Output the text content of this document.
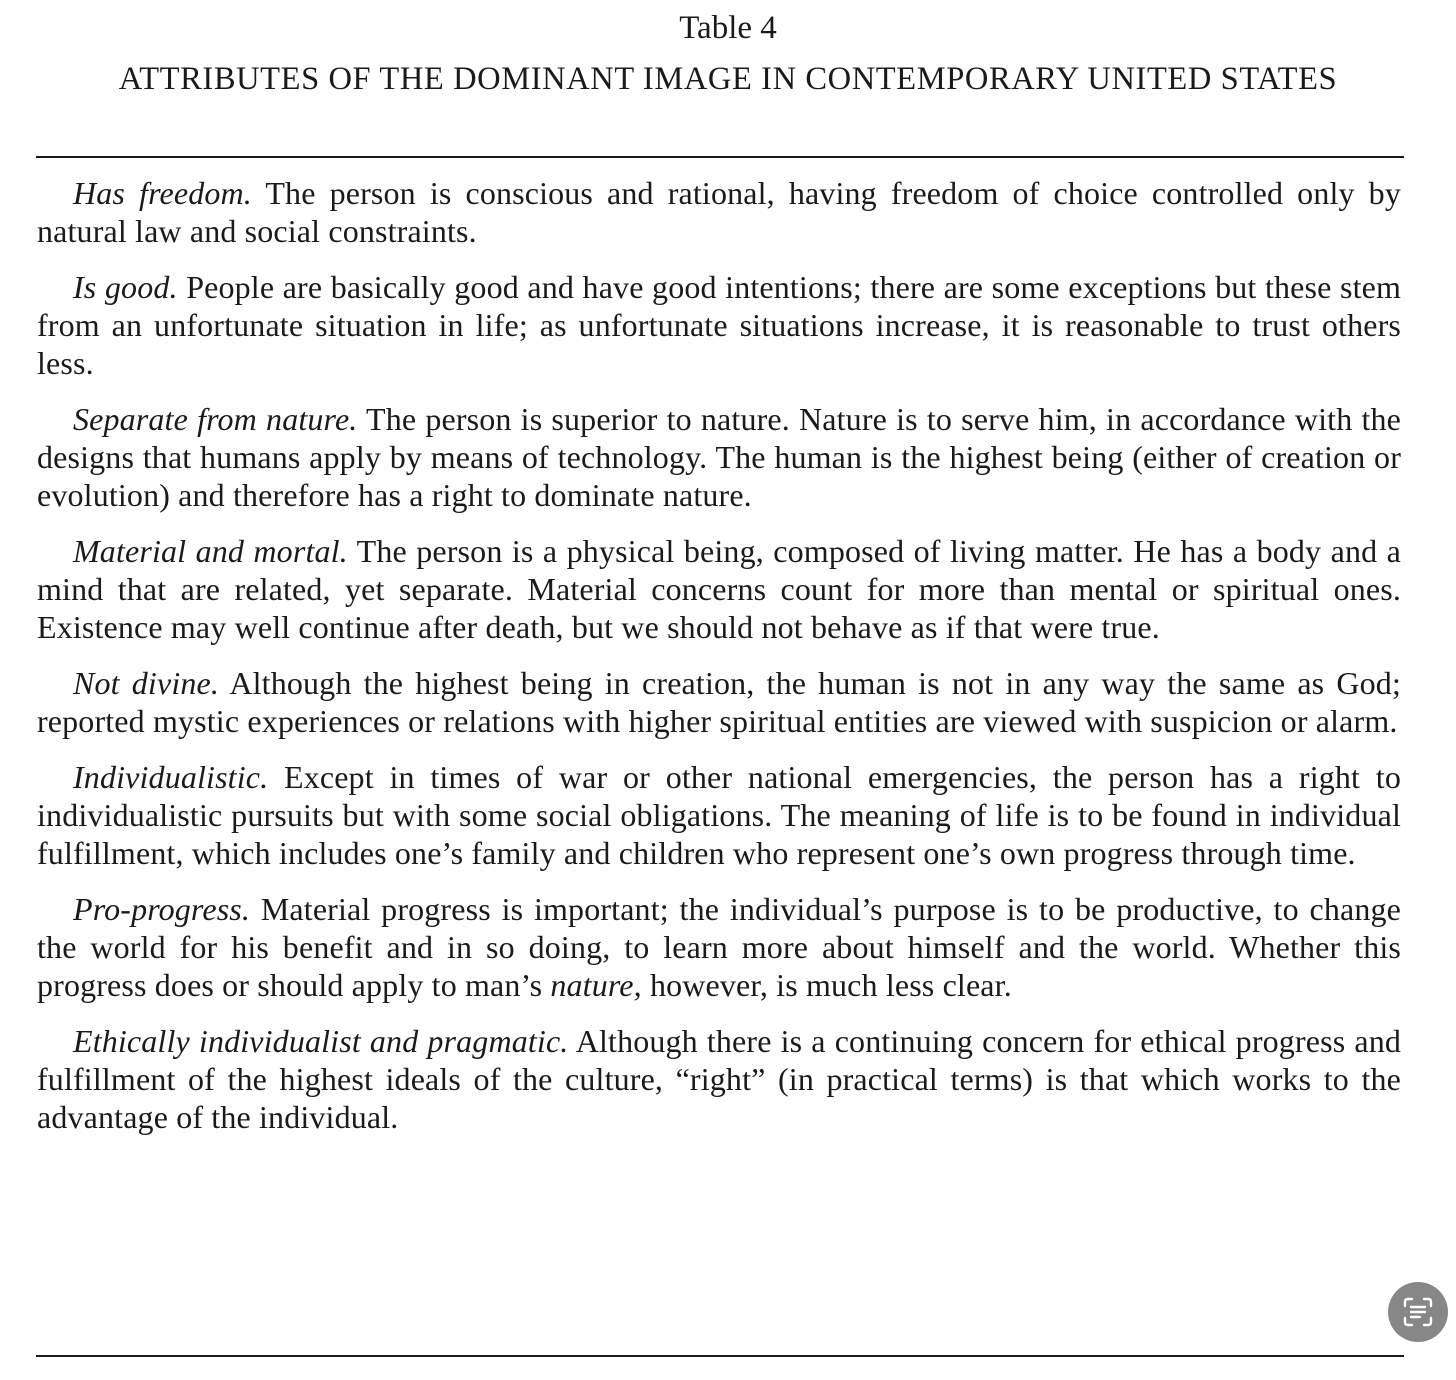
Table 4
ATTRIBUTES OF THE DOMINANT IMAGE IN CONTEMPORARY UNITED STATES

Has freedom. The person is conscious and rational, having freedom of choice controlled only by natural law and social constraints.

Is good. People are basically good and have good intentions; there are some exceptions but these stem from an unfortunate situation in life; as unfortunate situations increase, it is reasonable to trust others less.

Separate from nature. The person is superior to nature. Nature is to serve him, in accordance with the designs that humans apply by means of technology. The human is the highest being (either of creation or evolution) and therefore has a right to dominate nature.

Material and mortal. The person is a physical being, composed of living matter. He has a body and a mind that are related, yet separate. Material concerns count for more than mental or spiritual ones. Existence may well continue after death, but we should not behave as if that were true.

Not divine. Although the highest being in creation, the human is not in any way the same as God; reported mystic experiences or relations with higher spiritual entities are viewed with suspicion or alarm.

Individualistic. Except in times of war or other national emergencies, the person has a right to individualistic pursuits but with some social obligations. The meaning of life is to be found in individual fulfillment, which includes one’s family and children who represent one’s own progress through time.

Pro-progress. Material progress is important; the individual’s purpose is to be productive, to change the world for his benefit and in so doing, to learn more about himself and the world. Whether this progress does or should apply to man’s nature, however, is much less clear.

Ethically individualist and pragmatic. Although there is a continuing concern for ethical progress and fulfillment of the highest ideals of the culture, “right” (in practical terms) is that which works to the advantage of the individual.
